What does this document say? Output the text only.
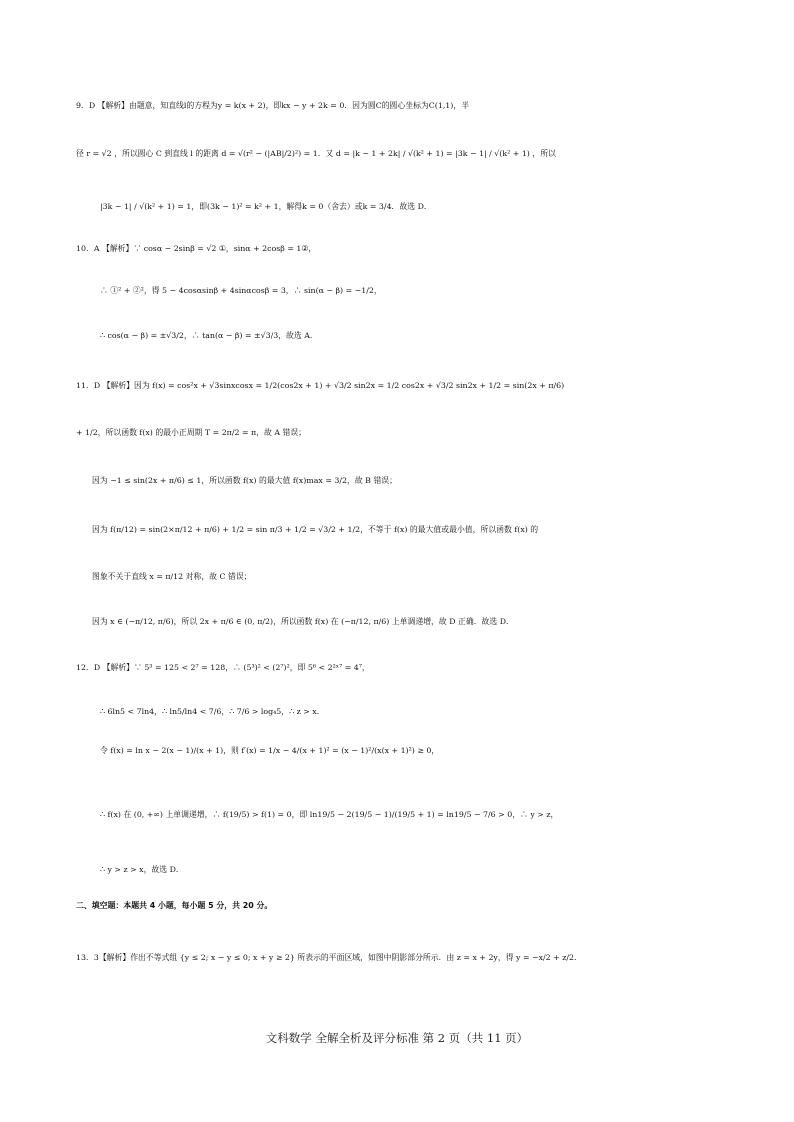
9．D 【解析】由题意，知直线l的方程为y = k(x + 2)，即kx − y + 2k = 0．因为圆C的圆心坐标为C(1,1)，半
径 r = √2 ，所以圆心 C 到直线 l 的距离 d = √(r² − (|AB|/2)²) = 1．又 d = |k − 1 + 2k| / √(k² + 1) = |3k − 1| / √(k² + 1) ，所以
|3k − 1| / √(k² + 1) = 1，即(3k − 1)² = k² + 1，解得k = 0（舍去）或k = 3/4．故选 D．
10．A 【解析】∵ cosα − 2sinβ = √2 ①，sinα + 2cosβ = 1②，
∴ ①² + ②²，得 5 − 4cosαsinβ + 4sinαcosβ = 3，∴ sin(α − β) = −1/2，
∴ cos(α − β) = ±√3/2，∴ tan(α − β) = ±√3/3，故选 A．
11．D 【解析】因为 f(x) = cos²x + √3sinxcosx = 1/2(cos2x + 1) + √3/2 sin2x = 1/2 cos2x + √3/2 sin2x + 1/2 = sin(2x + π/6)
+ 1/2，所以函数 f(x) 的最小正周期 T = 2π/2 = π，故 A 错误；
因为 −1 ≤ sin(2x + π/6) ≤ 1，所以函数 f(x) 的最大值 f(x)max = 3/2，故 B 错误；
因为 f(π/12) = sin(2×π/12 + π/6) + 1/2 = sin π/3 + 1/2 = √3/2 + 1/2，不等于 f(x) 的最大值或最小值，所以函数 f(x) 的
图象不关于直线 x = π/12 对称，故 C 错误；
因为 x ∈ (−π/12, π/6)，所以 2x + π/6 ∈ (0, π/2)，所以函数 f(x) 在 (−π/12, π/6) 上单调递增，故 D 正确．故选 D．
12．D 【解析】∵ 5³ = 125 < 2⁷ = 128，∴ (5³)² < (2⁷)²，即 5⁶ < 2²ˣ⁷ = 4⁷，
∴ 6ln5 < 7ln4，∴ ln5/ln4 < 7/6，∴ 7/6 > log₄5，∴ z > x．
令 f(x) = ln x − 2(x − 1)/(x + 1)，则 f′(x) = 1/x − 4/(x + 1)² = (x − 1)²/(x(x + 1)²) ≥ 0，
∴ f(x) 在 (0, +∞) 上单调递增，∴ f(19/5) > f(1) = 0，即 ln19/5 − 2(19/5 − 1)/(19/5 + 1) = ln19/5 − 7/6 > 0，∴ y > z，
∴ y > z > x，故选 D．
二、填空题：本题共 4 小题，每小题 5 分，共 20 分。
13．3【解析】作出不等式组 {y ≤ 2; x − y ≤ 0; x + y ≥ 2} 所表示的平面区域，如图中阴影部分所示．由 z = x + 2y，得 y = −x/2 + z/2．
文科数学 全解全析及评分标准 第 2 页（共 11 页）
